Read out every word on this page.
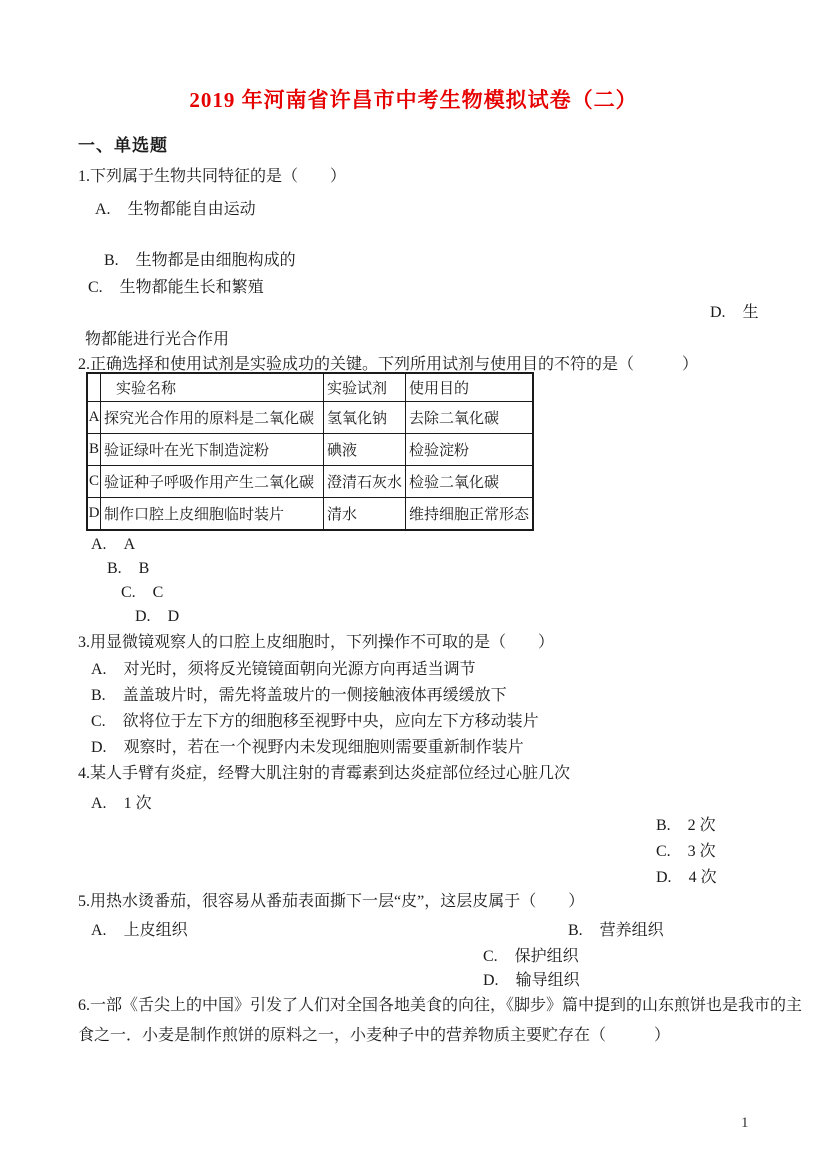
2019 年河南省许昌市中考生物模拟试卷（二）
一、单选题
1.下列属于生物共同特征的是（　　）
A. 生物都能自由运动
B. 生物都是由细胞构成的
C. 生物都能生长和繁殖
D. 生
物都能进行光合作用
2.正确选择和使用试剂是实验成功的关键。下列所用试剂与使用目的不符的是（　　　）
	实验名称	实验试剂	使用目的
A	探究光合作用的原料是二氧化碳	氢氧化钠	去除二氧化碳
B	验证绿叶在光下制造淀粉	碘液	检验淀粉
C	验证种子呼吸作用产生二氧化碳	澄清石灰水	检验二氧化碳
D	制作口腔上皮细胞临时装片	清水	维持细胞正常形态
A. A
B. B
C. C
D. D
3.用显微镜观察人的口腔上皮细胞时，下列操作不可取的是（　　）
A. 对光时，须将反光镜镜面朝向光源方向再适当调节
B. 盖盖玻片时，需先将盖玻片的一侧接触液体再缓缓放下
C. 欲将位于左下方的细胞移至视野中央，应向左下方移动装片
D. 观察时，若在一个视野内未发现细胞则需要重新制作装片
4.某人手臂有炎症，经臀大肌注射的青霉素到达炎症部位经过心脏几次
A. 1 次
B. 2 次
C. 3 次
D. 4 次
5.用热水烫番茄，很容易从番茄表面撕下一层“皮”，这层皮属于（　　）
A. 上皮组织	B. 营养组织
C. 保护组织
D. 输导组织
6.一部《舌尖上的中国》引发了人们对全国各地美食的向往，《脚步》篇中提到的山东煎饼也是我市的主
食之一．小麦是制作煎饼的原料之一，小麦种子中的营养物质主要贮存在（　　　）
1
